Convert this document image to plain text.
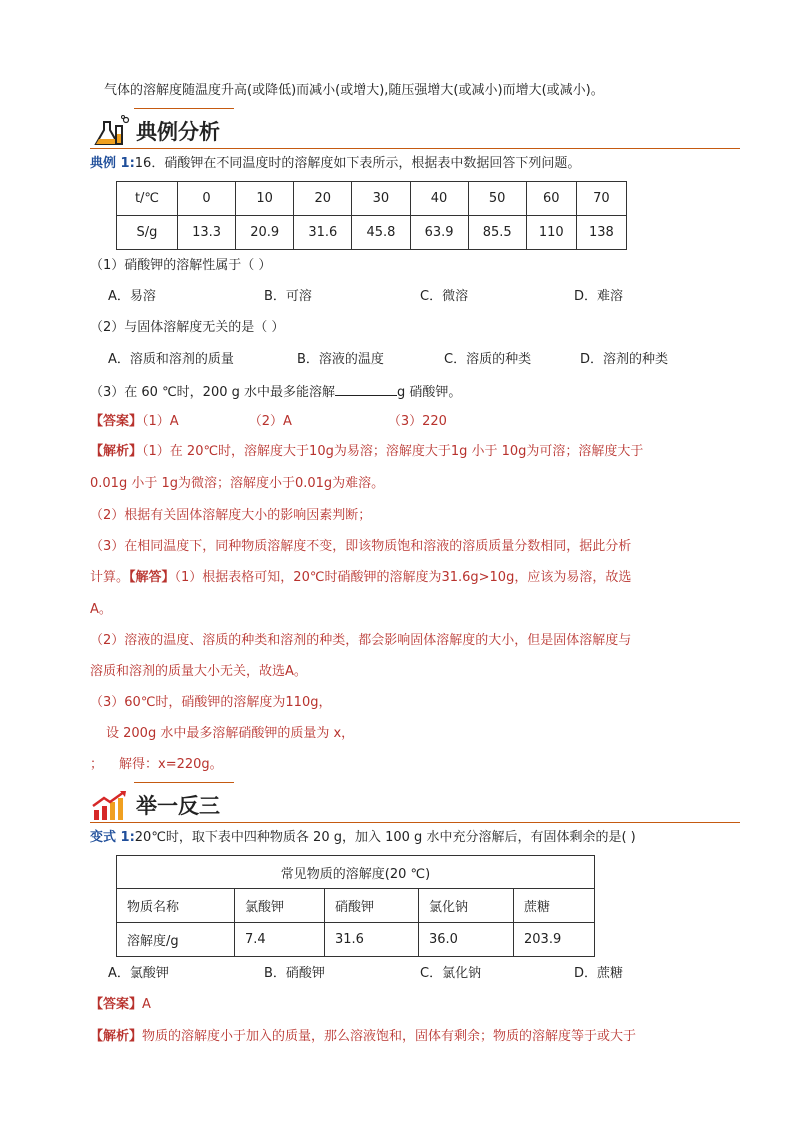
气体的溶解度随温度升高(或降低)而减小(或增大),随压强增大(或减小)而增大(或减小)。
典例分析
典例 1:16．硝酸钾在不同温度时的溶解度如下表所示，根据表中数据回答下列问题。
t/℃	0	10	20	30	40	50	60	70
S/g	13.3	20.9	31.6	45.8	63.9	85.5	110	138
（1）硝酸钾的溶解性属于（ ）
A．易溶	B．可溶	C．微溶	D．难溶
（2）与固体溶解度无关的是（ ）
A．溶质和溶剂的质量	B．溶液的温度	C．溶质的种类	D．溶剂的种类
（3）在 60 ℃时，200 g 水中最多能溶解	g 硝酸钾。
【答案】（1）A	（2）A	（3）220
【解析】（1）在 20℃时，溶解度大于10g为易溶；溶解度大于1g 小于 10g为可溶；溶解度大于
0.01g 小于 1g为微溶；溶解度小于0.01g为难溶。
（2）根据有关固体溶解度大小的影响因素判断；
（3）在相同温度下，同种物质溶解度不变，即该物质饱和溶液的溶质质量分数相同，据此分析
计算。【解答】（1）根据表格可知，20℃时硝酸钾的溶解度为31.6g>10g，应该为易溶，故选
A。
（2）溶液的温度、溶质的种类和溶剂的种类，都会影响固体溶解度的大小，但是固体溶解度与
溶质和溶剂的质量大小无关，故选A。
（3）60℃时，硝酸钾的溶解度为110g，
设 200g 水中最多溶解硝酸钾的质量为 x，
； 解得：x=220g。
举一反三
变式 1:20℃时，取下表中四种物质各 20 g，加入 100 g 水中充分溶解后，有固体剩余的是( )
常见物质的溶解度(20 ℃)				
物质名称	氯酸钾	硝酸钾	氯化钠	蔗糖
溶解度/g	7.4	31.6	36.0	203.9
A．氯酸钾	B．硝酸钾	C．氯化钠	D．蔗糖
【答案】A
【解析】物质的溶解度小于加入的质量，那么溶液饱和，固体有剩余；物质的溶解度等于或大于
